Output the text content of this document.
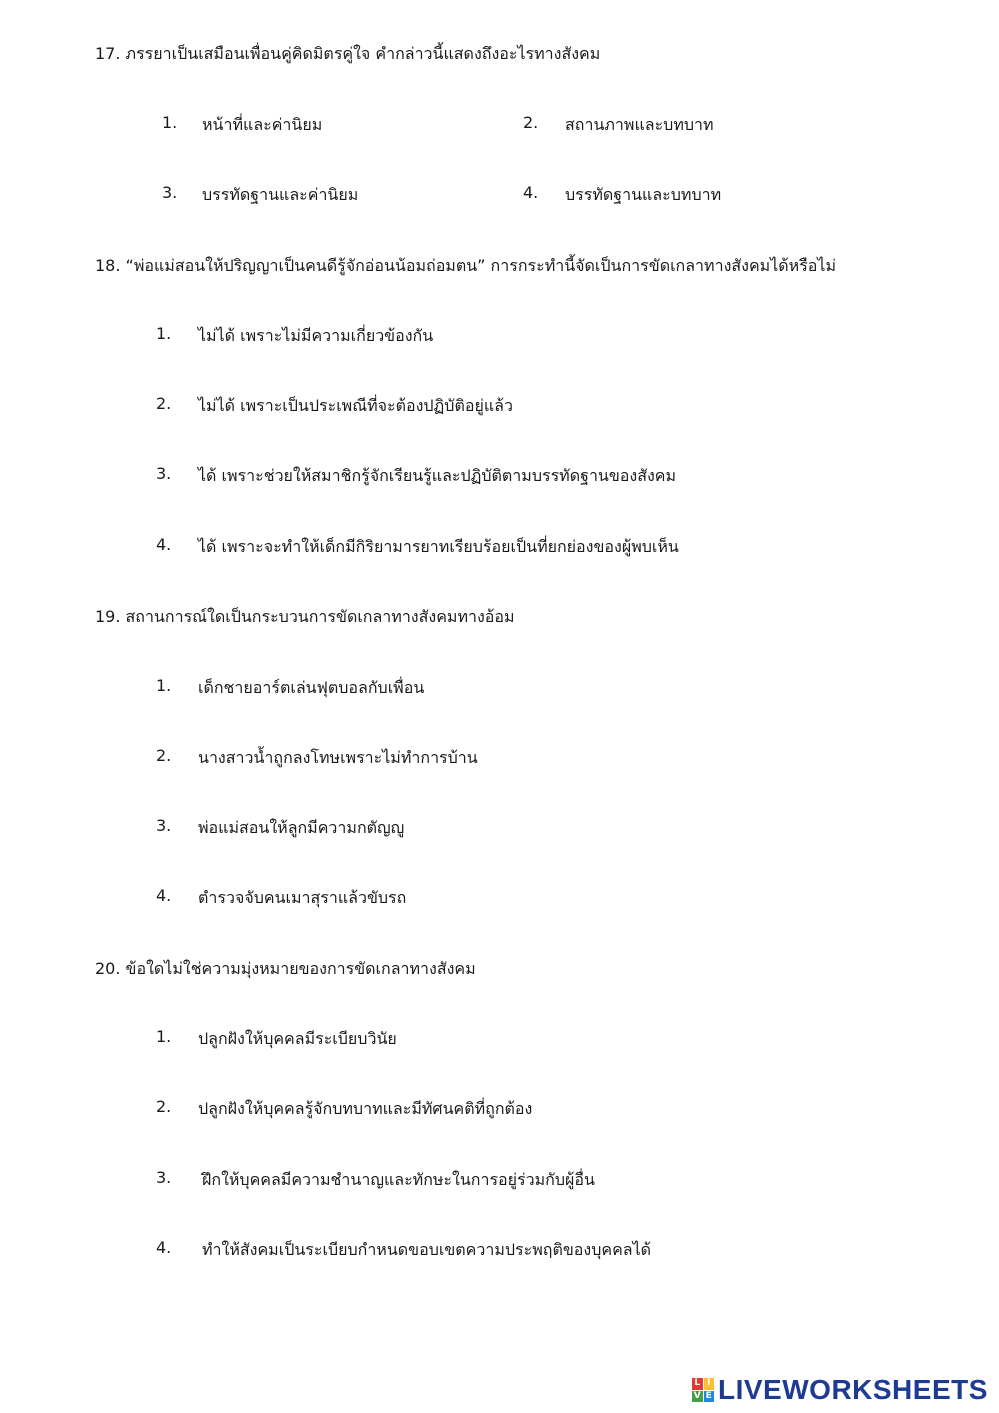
17. ภรรยาเป็นเสมือนเพื่อนคู่คิดมิตรคู่ใจ คำกล่าวนี้แสดงถึงอะไรทางสังคม
1. หน้าที่และค่านิยม	2. สถานภาพและบทบาท
3. บรรทัดฐานและค่านิยม	4. บรรทัดฐานและบทบาท
18. “พ่อแม่สอนให้ปริญญาเป็นคนดีรู้จักอ่อนน้อมถ่อมตน” การกระทำนี้จัดเป็นการขัดเกลาทางสังคมได้หรือไม่
1. ไม่ได้ เพราะไม่มีความเกี่ยวข้องกัน
2. ไม่ได้ เพราะเป็นประเพณีที่จะต้องปฏิบัติอยู่แล้ว
3. ได้ เพราะช่วยให้สมาชิกรู้จักเรียนรู้และปฏิบัติตามบรรทัดฐานของสังคม
4. ได้ เพราะจะทำให้เด็กมีกิริยามารยาทเรียบร้อยเป็นที่ยกย่องของผู้พบเห็น
19. สถานการณ์ใดเป็นกระบวนการขัดเกลาทางสังคมทางอ้อม
1. เด็กชายอาร์ตเล่นฟุตบอลกับเพื่อน
2. นางสาวน้ำถูกลงโทษเพราะไม่ทำการบ้าน
3. พ่อแม่สอนให้ลูกมีความกตัญญู
4. ตำรวจจับคนเมาสุราแล้วขับรถ
20. ข้อใดไม่ใช่ความมุ่งหมายของการขัดเกลาทางสังคม
1. ปลูกฝังให้บุคคลมีระเบียบวินัย
2. ปลูกฝังให้บุคคลรู้จักบทบาทและมีทัศนคติที่ถูกต้อง
3. ฝึกให้บุคคลมีความชำนาญและทักษะในการอยู่ร่วมกับผู้อื่น
4. ทำให้สังคมเป็นระเบียบกำหนดขอบเขตความประพฤติของบุคคลได้
L I
V E LIVEWORKSHEETS
